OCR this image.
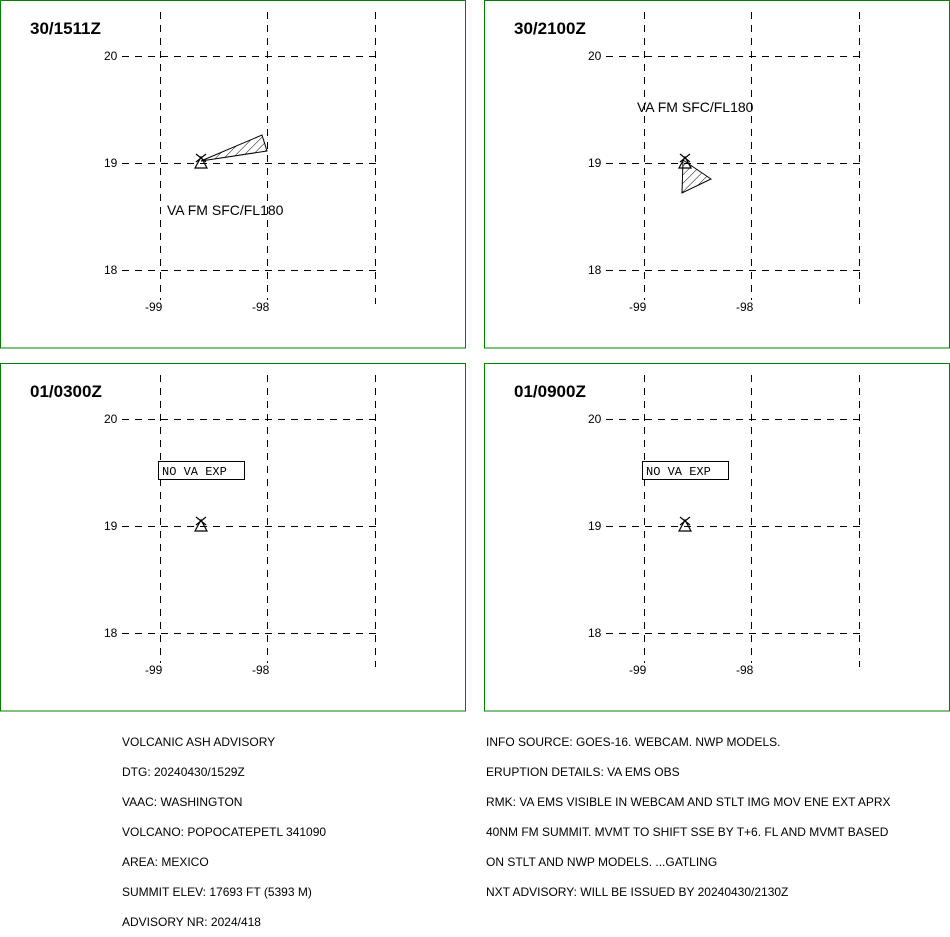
20
19
18
-99	-98
30/1511Z
VA FM SFC/FL180
20
19
18
-99	-98
30/2100Z
VA FM SFC/FL180
20
19
18
-99	-98
01/0300Z
NO VA EXP
20
19
18
-99	-98
01/0900Z
NO VA EXP

VOLCANIC ASH ADVISORY

DTG: 20240430/1529Z

VAAC: WASHINGTON

VOLCANO: POPOCATEPETL 341090

AREA: MEXICO

SUMMIT ELEV: 17693 FT (5393 M)

ADVISORY NR: 2024/418

INFO SOURCE: GOES-16. WEBCAM. NWP MODELS.

ERUPTION DETAILS: VA EMS OBS

RMK: VA EMS VISIBLE IN WEBCAM AND STLT IMG MOV ENE EXT APRX

40NM FM SUMMIT. MVMT TO SHIFT SSE BY T+6. FL AND MVMT BASED

ON STLT AND NWP MODELS. ...GATLING

NXT ADVISORY: WILL BE ISSUED BY 20240430/2130Z
